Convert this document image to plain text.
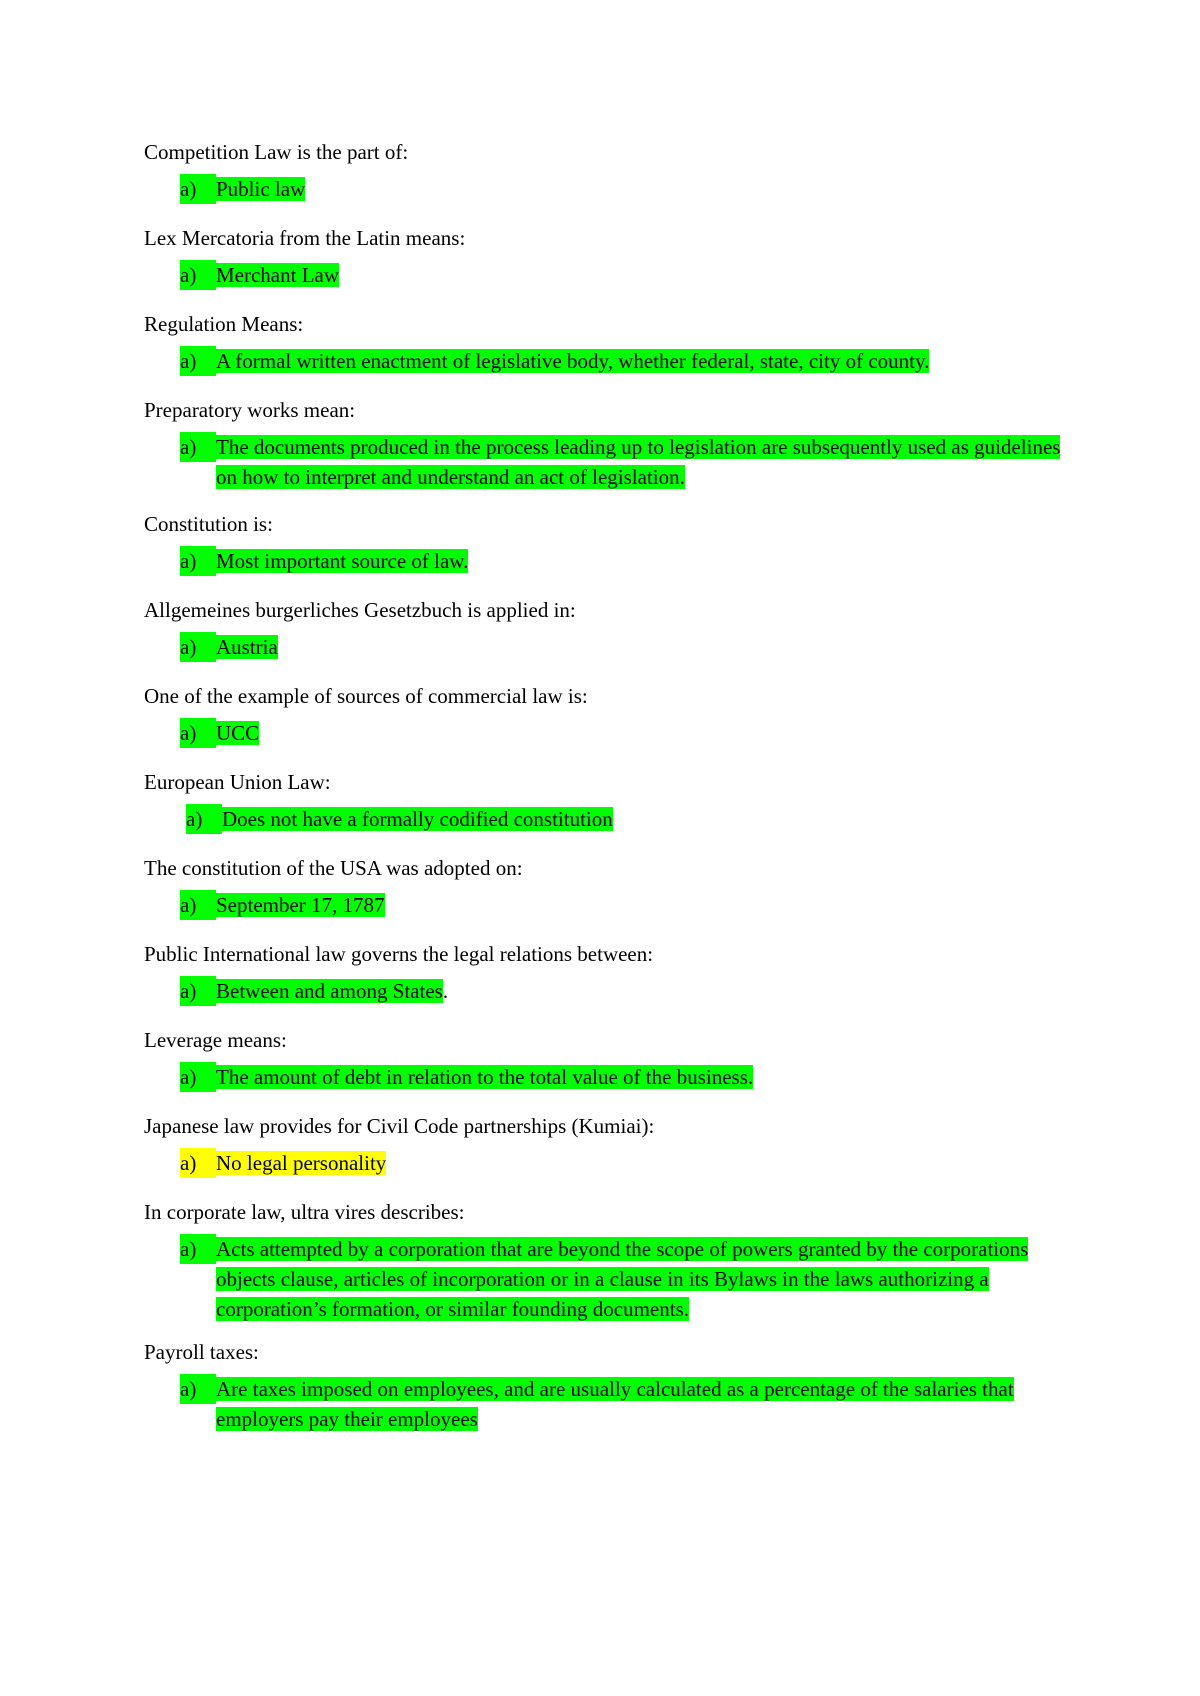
Competition Law is the part of:

a) Public law

Lex Mercatoria from the Latin means:

a) Merchant Law

Regulation Means:

a) A formal written enactment of legislative body, whether federal, state, city of county.

Preparatory works mean:

a) The documents produced in the process leading up to legislation are subsequently used as guidelines on how to interpret and understand an act of legislation.

Constitution is:

a) Most important source of law.

Allgemeines burgerliches Gesetzbuch is applied in:

a) Austria

One of the example of sources of commercial law is:

a) UCC

European Union Law:

a) Does not have a formally codified constitution

The constitution of the USA was adopted on:

a) September 17, 1787

Public International law governs the legal relations between:

a) Between and among States.

Leverage means:

a) The amount of debt in relation to the total value of the business.

Japanese law provides for Civil Code partnerships (Kumiai):

a) No legal personality

In corporate law, ultra vires describes:

a) Acts attempted by a corporation that are beyond the scope of powers granted by the corporations objects clause, articles of incorporation or in a clause in its Bylaws in the laws authorizing a corporation’s formation, or similar founding documents.

Payroll taxes:

a) Are taxes imposed on employees, and are usually calculated as a percentage of the salaries that employers pay their employees
